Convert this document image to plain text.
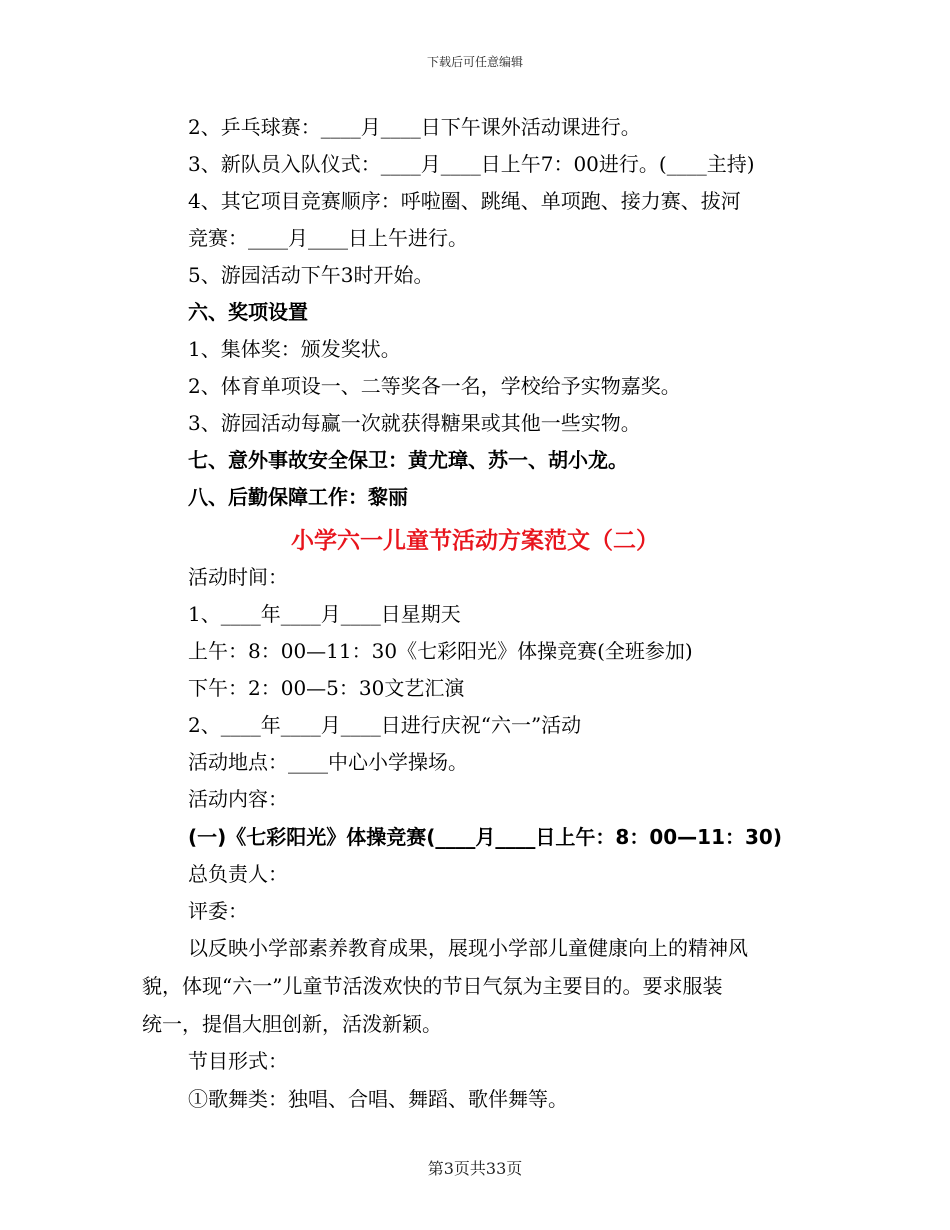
下载后可任意编辑
2、乒乓球赛：____月____日下午课外活动课进行。
3、新队员入队仪式：____月____日上午7：00进行。(____主持)
4、其它项目竞赛顺序：呼啦圈、跳绳、单项跑、接力赛、拔河
竞赛：____月____日上午进行。
5、游园活动下午3时开始。
六、奖项设置
1、集体奖：颁发奖状。
2、体育单项设一、二等奖各一名，学校给予实物嘉奖。
3、游园活动每赢一次就获得糖果或其他一些实物。
七、意外事故安全保卫：黄尤璋、苏一、胡小龙。
八、后勤保障工作：黎丽
小学六一儿童节活动方案范文（二）
活动时间：
1、____年____月____日星期天
上午：8：00—11：30《七彩阳光》体操竞赛(全班参加)
下午：2：00—5：30文艺汇演
2、____年____月____日进行庆祝“六一”活动
活动地点：____中心小学操场。
活动内容：
(一)《七彩阳光》体操竞赛(____月____日上午：8：00—11：30)
总负责人：
评委：
以反映小学部素养教育成果，展现小学部儿童健康向上的精神风
貌，体现“六一”儿童节活泼欢快的节日气氛为主要目的。要求服装
统一，提倡大胆创新，活泼新颖。
节目形式：
①歌舞类：独唱、合唱、舞蹈、歌伴舞等。
第3页共33页
